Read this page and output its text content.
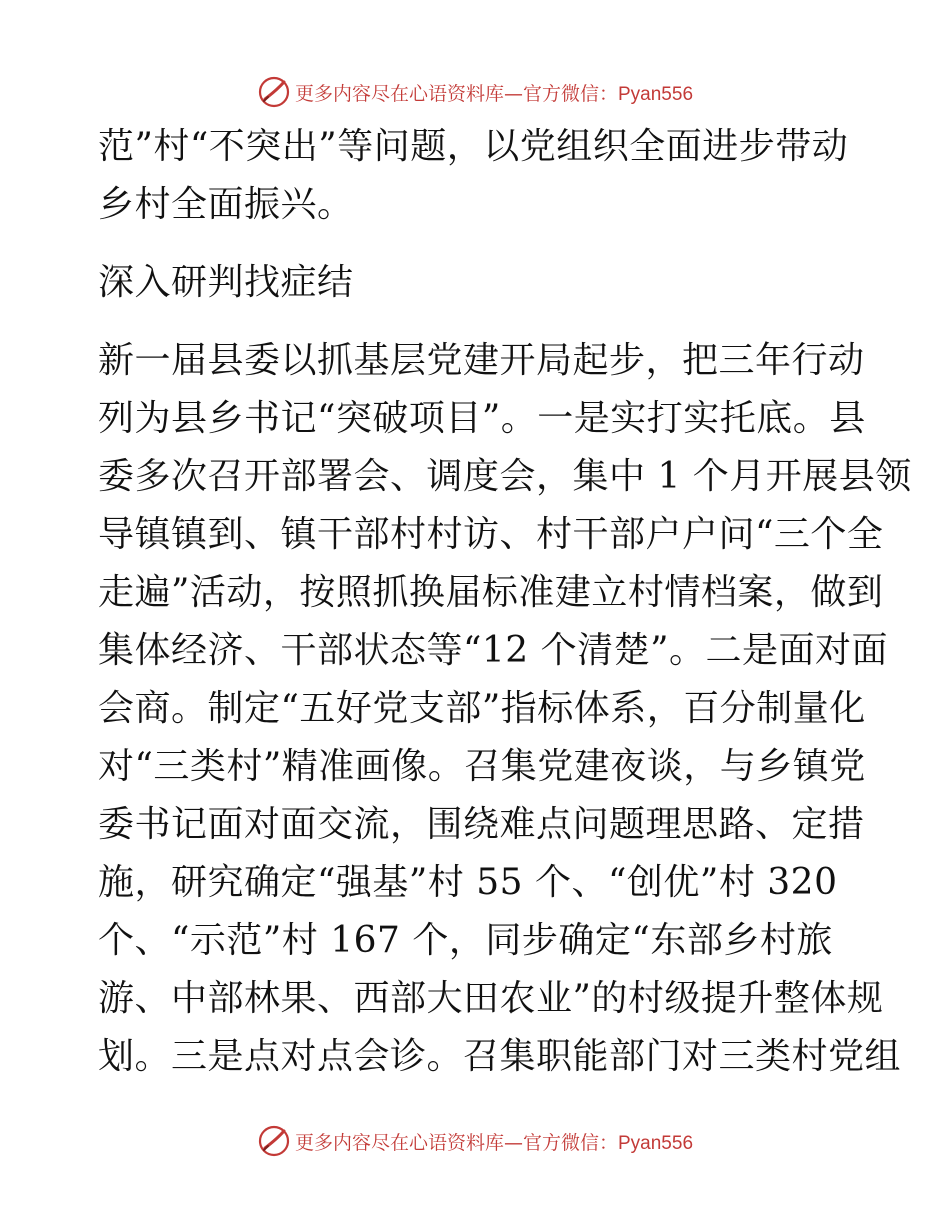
更多内容尽在心语资料库—官方微信：Pyan556
范”村“不突出”等问题，以党组织全面进步带动
乡村全面振兴。
深入研判找症结
新一届县委以抓基层党建开局起步，把三年行动
列为县乡书记“突破项目”。一是实打实托底。县
委多次召开部署会、调度会，集中 1 个月开展县领
导镇镇到、镇干部村村访、村干部户户问“三个全
走遍”活动，按照抓换届标准建立村情档案，做到
集体经济、干部状态等“12 个清楚”。二是面对面
会商。制定“五好党支部”指标体系，百分制量化
对“三类村”精准画像。召集党建夜谈，与乡镇党
委书记面对面交流，围绕难点问题理思路、定措
施，研究确定“强基”村 55 个、“创优”村 320
个、“示范”村 167 个，同步确定“东部乡村旅
游、中部林果、西部大田农业”的村级提升整体规
划。三是点对点会诊。召集职能部门对三类村党组
更多内容尽在心语资料库—官方微信：Pyan556
